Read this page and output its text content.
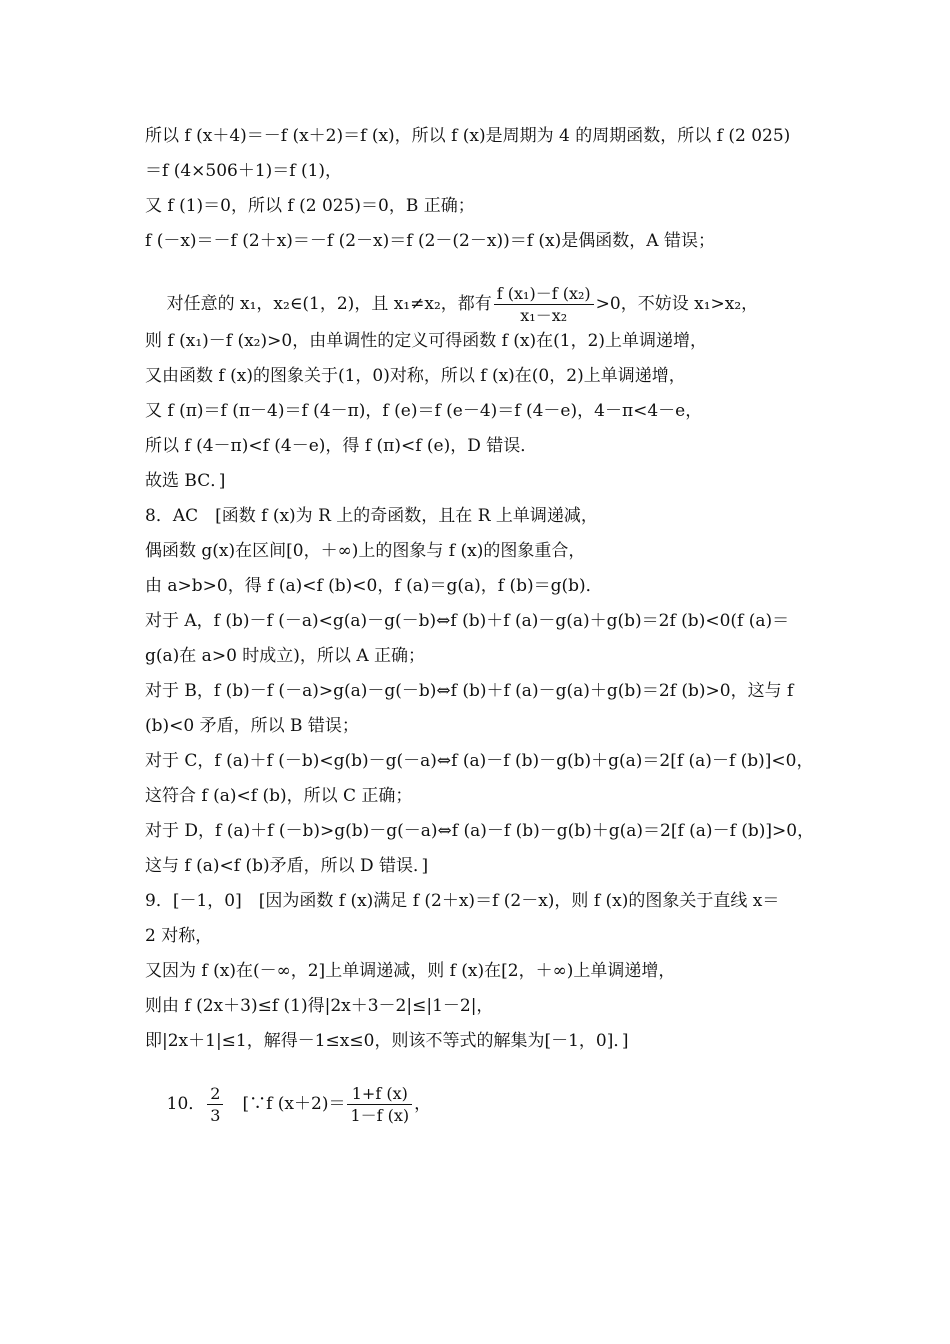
所以 f (x＋4)＝－f (x＋2)＝f (x)，所以 f (x)是周期为 4 的周期函数，所以 f (2 025)
＝f (4×506＋1)＝f (1)，
又 f (1)＝0，所以 f (2 025)＝0，B 正确；
f (－x)＝－f (2＋x)＝－f (2－x)＝f (2－(2－x))＝f (x)是偶函数，A 错误；

对任意的 x₁，x₂∈(1，2)，且 x₁≠x₂，都有 $\frac{\text{f (x₁)－f (x₂)}}{\text{x₁－x₂}} >0$，不妨设 x₁>x₂，

则 f (x₁)－f (x₂)>0，由单调性的定义可得函数 f (x)在(1，2)上单调递增，
又由函数 f (x)的图象关于(1，0)对称，所以 f (x)在(0，2)上单调递增，
又 f (π)＝f (π－4)＝f (4－π)，f (e)＝f (e－4)＝f (4－e)，4－π<4－e，
所以 f (4－π)<f (4－e)，得 f (π)<f (e)，D 错误．
故选 BC．]
8．AC　[函数 f (x)为 R 上的奇函数，且在 R 上单调递减，
偶函数 g(x)在区间[0，＋∞)上的图象与 f (x)的图象重合，
由 a>b>0，得 f (a)<f (b)<0，f (a)＝g(a)，f (b)＝g(b)．
对于 A，f (b)－f (－a)<g(a)－g(－b)⇔f (b)＋f (a)－g(a)＋g(b)＝2f (b)<0(f (a)＝
g(a)在 a>0 时成立)，所以 A 正确；
对于 B，f (b)－f (－a)>g(a)－g(－b)⇔f (b)＋f (a)－g(a)＋g(b)＝2f (b)>0，这与 f
(b)<0 矛盾，所以 B 错误；
对于 C，f (a)＋f (－b)<g(b)－g(－a)⇔f (a)－f (b)－g(b)＋g(a)＝2[f (a)－f (b)]<0，
这符合 f (a)<f (b)，所以 C 正确；
对于 D，f (a)＋f (－b)>g(b)－g(－a)⇔f (a)－f (b)－g(b)＋g(a)＝2[f (a)－f (b)]>0，
这与 f (a)<f (b)矛盾，所以 D 错误．]
9．[－1，0]　[因为函数 f (x)满足 f (2＋x)＝f (2－x)，则 f (x)的图象关于直线 x＝
2 对称，
又因为 f (x)在(－∞，2]上单调递减，则 f (x)在[2，＋∞)上单调递增，
则由 f (2x＋3)≤f (1)得|2x＋3－2|≤|1－2|，
即|2x＋1|≤1，解得－1≤x≤0，则该不等式的解集为[－1，0]．]

10． $\frac{2}{3}$ 　[∵f $(x+2)= \frac{1+f (x)}{1-f (x)}$ ，
